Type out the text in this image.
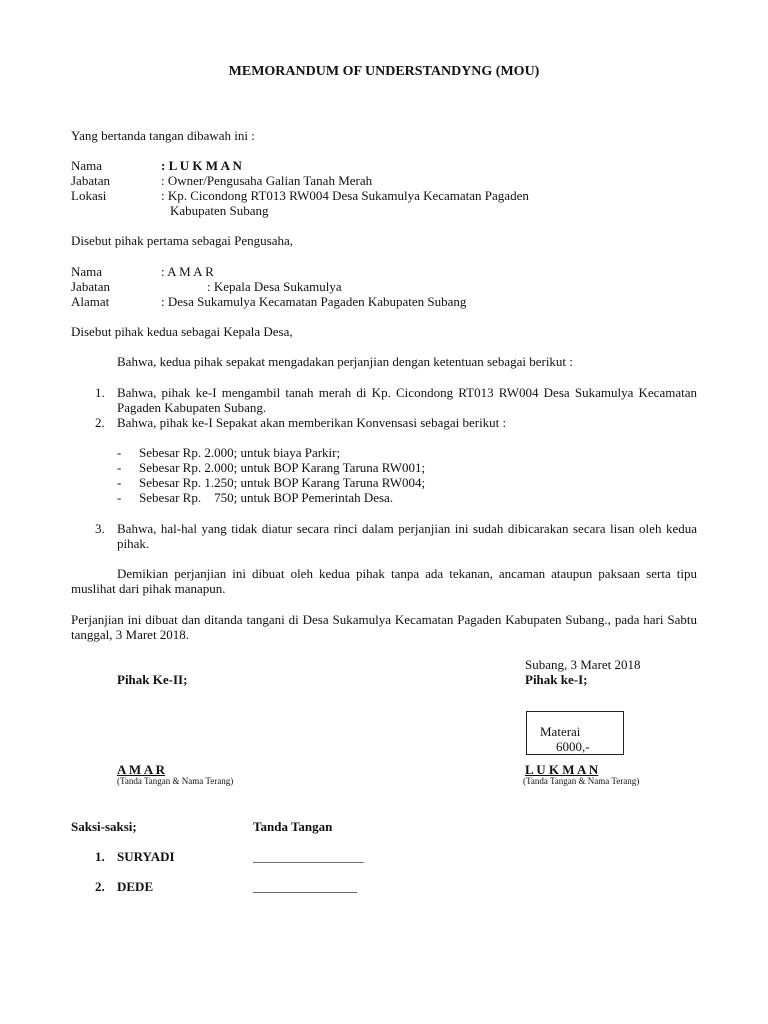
MEMORANDUM OF UNDERSTANDYNG (MOU)
Yang bertanda tangan dibawah ini :
Nama	: L U K M A N
Jabatan	: Owner/Pengusaha Galian Tanah Merah
Lokasi	: Kp. Cicondong RT013 RW004 Desa Sukamulya Kecamatan Pagaden
Kabupaten Subang
Disebut pihak pertama sebagai Pengusaha,
Nama	: A M A R
Jabatan	: Kepala Desa Sukamulya
Alamat	: Desa Sukamulya Kecamatan Pagaden Kabupaten Subang
Disebut pihak kedua sebagai Kepala Desa,
Bahwa, kedua pihak sepakat mengadakan perjanjian dengan ketentuan sebagai berikut :
1. Bahwa, pihak ke-I mengambil tanah merah di Kp. Cicondong RT013 RW004 Desa Sukamulya Kecamatan Pagaden Kabupaten Subang.
2. Bahwa, pihak ke-I Sepakat akan memberikan Konvensasi sebagai berikut :
- Sebesar Rp. 2.000; untuk biaya Parkir;
- Sebesar Rp. 2.000; untuk BOP Karang Taruna RW001;
- Sebesar Rp. 1.250; untuk BOP Karang Taruna RW004;
- Sebesar Rp.    750; untuk BOP Pemerintah Desa.
3. Bahwa, hal-hal yang tidak diatur secara rinci dalam perjanjian ini sudah dibicarakan secara lisan oleh kedua pihak.
Demikian perjanjian ini dibuat oleh kedua pihak tanpa ada tekanan, ancaman ataupun paksaan serta tipu muslihat dari pihak manapun.
Perjanjian ini dibuat dan ditanda tangani di Desa Sukamulya Kecamatan Pagaden Kabupaten Subang., pada hari Sabtu tanggal, 3 Maret 2018.
Subang, 3 Maret 2018
Pihak Ke-II;	Pihak ke-I;
Materai
6000,-
A M A R
(Tanda Tangan & Nama Terang)
L U K M A N
(Tanda Tangan & Nama Terang)
Saksi-saksi;	Tanda Tangan
1. SURYADI	_________________
2. DEDE	________________
